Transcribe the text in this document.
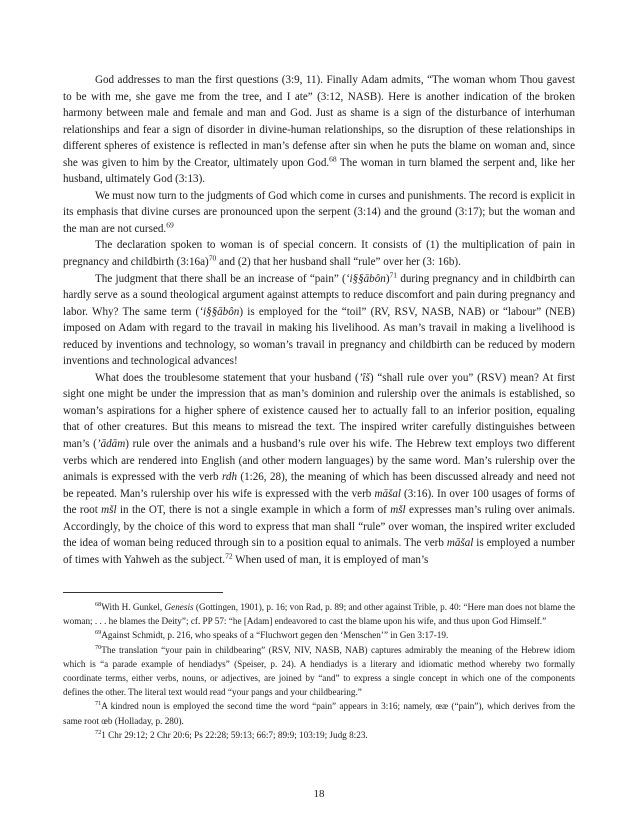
God addresses to man the first questions (3:9, 11). Finally Adam admits, “The woman whom Thou gavest to be with me, she gave me from the tree, and I ate” (3:12, NASB). Here is another indication of the broken harmony between male and female and man and God. Just as shame is a sign of the disturbance of interhuman relationships and fear a sign of disorder in divine-human relationships, so the disruption of these relationships in different spheres of existence is reflected in man’s defense after sin when he puts the blame on woman and, since she was given to him by the Creator, ultimately upon God.$^{68}$ The woman in turn blamed the serpent and, like her husband, ultimately God (3:13).

We must now turn to the judgments of God which come in curses and punishments. The record is explicit in its emphasis that divine curses are pronounced upon the serpent (3:14) and the ground (3:17); but the woman and the man are not cursed.$^{69}$

The declaration spoken to woman is of special concern. It consists of (1) the multiplication of pain in pregnancy and childbirth (3:16a)$^{70}$ and (2) that her husband shall “rule” over her (3: 16b).

The judgment that there shall be an increase of “pain” (‘i§§ābôn)$^{71}$ during pregnancy and in childbirth can hardly serve as a sound theological argument against attempts to reduce discomfort and pain during pregnancy and labor. Why? The same term (‘i§§ābôn) is employed for the “toil” (RV, RSV, NASB, NAB) or “labour” (NEB) imposed on Adam with regard to the travail in making his livelihood. As man’s travail in making a livelihood is reduced by inventions and technology, so woman’s travail in pregnancy and childbirth can be reduced by modern inventions and technological advances!

What does the troublesome statement that your husband (’îš) “shall rule over you” (RSV) mean? At first sight one might be under the impression that as man’s dominion and rulership over the animals is established, so woman’s aspirations for a higher sphere of existence caused her to actually fall to an inferior position, equaling that of other creatures. But this means to misread the text. The inspired writer carefully distinguishes between man’s (’ādām) rule over the animals and a husband’s rule over his wife. The Hebrew text employs two different verbs which are rendered into English (and other modern languages) by the same word. Man’s rulership over the animals is expressed with the verb rdh (1:26, 28), the meaning of which has been discussed already and need not be repeated. Man’s rulership over his wife is expressed with the verb māšal (3:16). In over 100 usages of forms of the root mšl in the OT, there is not a single example in which a form of mšl expresses man’s ruling over animals. Accordingly, by the choice of this word to express that man shall “rule” over woman, the inspired writer excluded the idea of woman being reduced through sin to a position equal to animals. The verb māšal is employed a number of times with Yahweh as the subject.$^{72}$ When used of man, it is employed of man’s

$^{68}$With H. Gunkel, Genesis (Gottingen, 1901), p. 16; von Rad, p. 89; and other against Trible, p. 40: “Here man does not blame the woman; . . . he blames the Deity”; cf. PP 57: “he [Adam] endeavored to cast the blame upon his wife, and thus upon God Himself.”

$^{69}$Against Schmidt, p. 216, who speaks of a “Fluchwort gegen den ‘Menschen’” in Gen 3:17-19.

$^{70}$The translation “your pain in childbearing” (RSV, NIV, NASB, NAB) captures admirably the meaning of the Hebrew idiom which is “a parade example of hendiadys” (Speiser, p. 24). A hendiadys is a literary and idiomatic method whereby two formally coordinate terms, either verbs, nouns, or adjectives, are joined by “and” to express a single concept in which one of the components defines the other. The literal text would read “your pangs and your childbearing.”

$^{71}$A kindred noun is employed the second time the word “pain” appears in 3:16; namely, œæ (“pain”), which derives from the same root œb (Holladay, p. 280).

$^{72}$1 Chr 29:12; 2 Chr 20:6; Ps 22:28; 59:13; 66:7; 89:9; 103:19; Judg 8:23.

18
